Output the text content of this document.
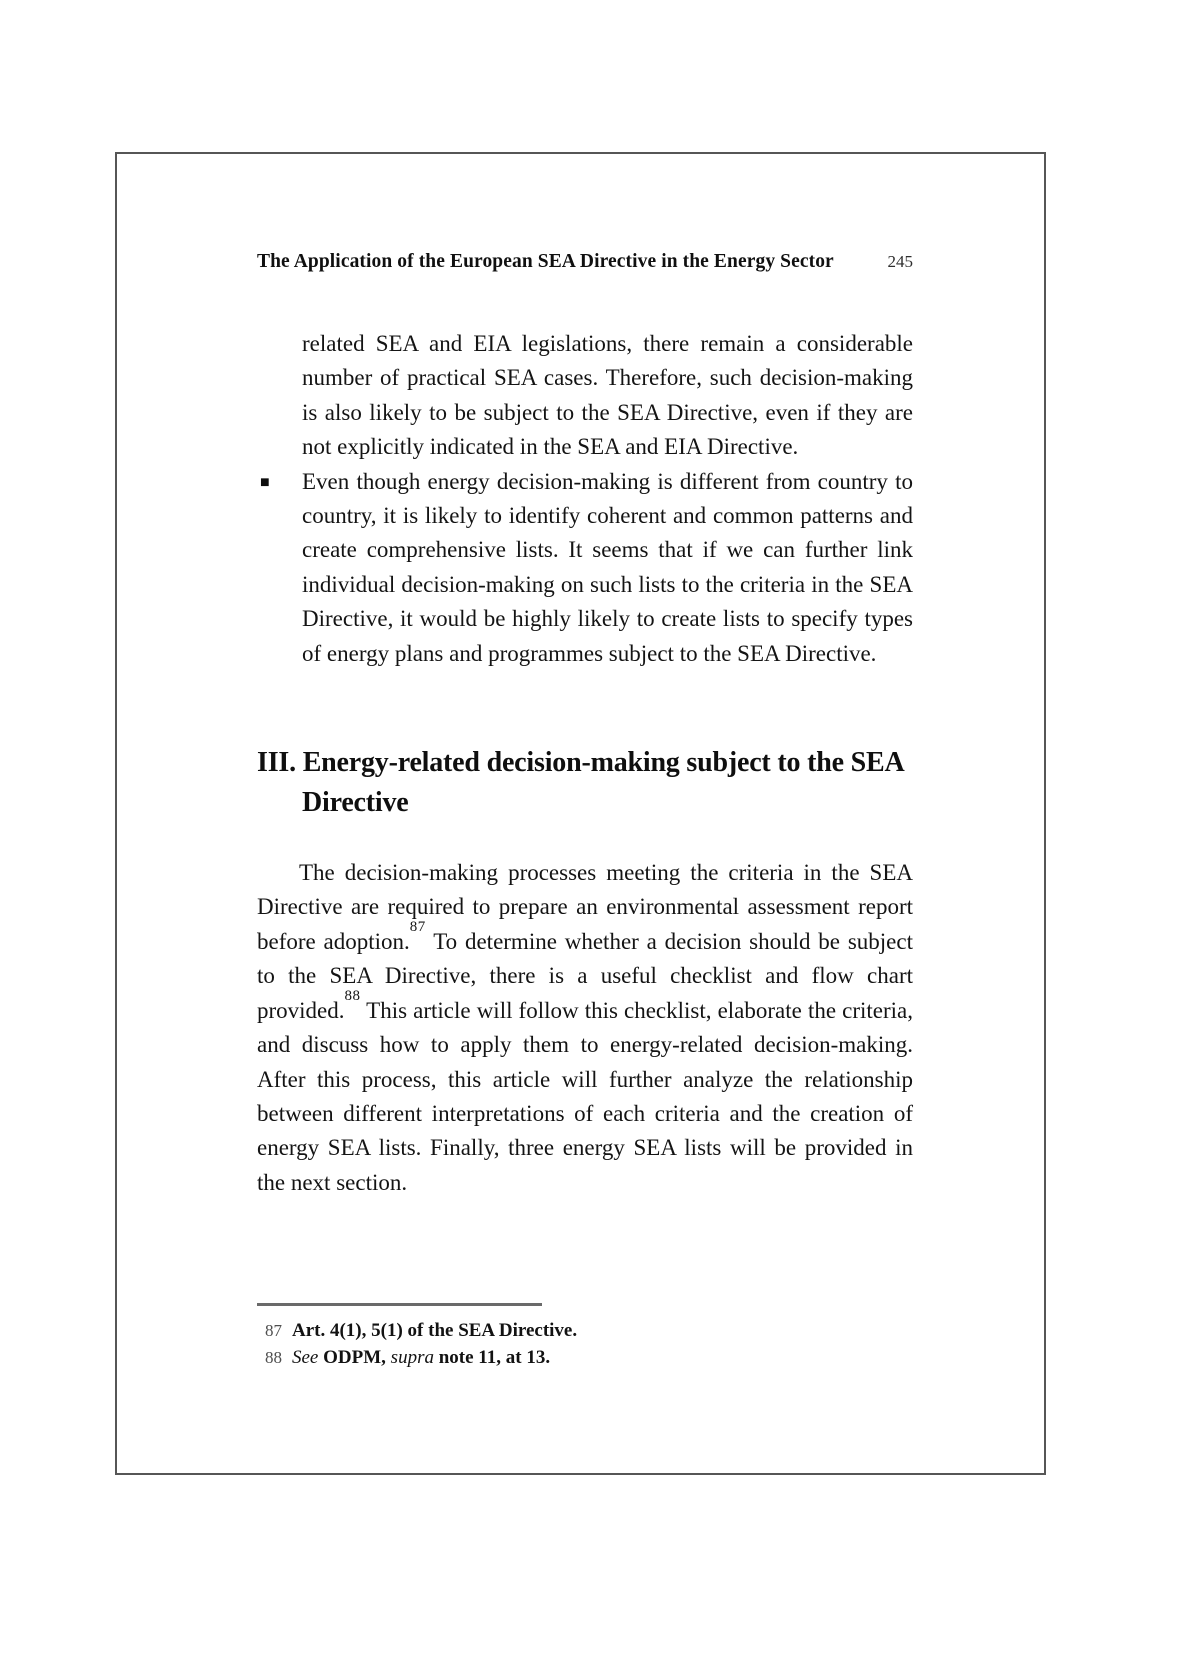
The Application of the European SEA Directive in the Energy Sector	245

related SEA and EIA legislations, there remain a considerable number of practical SEA cases. Therefore, such decision-making is also likely to be subject to the SEA Directive, even if they are not explicitly indicated in the SEA and EIA Directive.

■ Even though energy decision-making is different from country to country, it is likely to identify coherent and common patterns and create comprehensive lists. It seems that if we can further link individual decision-making on such lists to the criteria in the SEA Directive, it would be highly likely to create lists to specify types of energy plans and programmes subject to the SEA Directive.

III. Energy-related decision-making subject to the SEA Directive

The decision-making processes meeting the criteria in the SEA Directive are required to prepare an environmental assessment report before adoption.$^{87}$ To determine whether a decision should be subject to the SEA Directive, there is a useful checklist and flow chart provided.$^{88}$ This article will follow this checklist, elaborate the criteria, and discuss how to apply them to energy-related decision-making. After this process, this article will further analyze the relationship between different interpretations of each criteria and the creation of energy SEA lists. Finally, three energy SEA lists will be provided in the next section.

87 Art. 4(1), 5(1) of the SEA Directive.
88 See ODPM, supra note 11, at 13.
